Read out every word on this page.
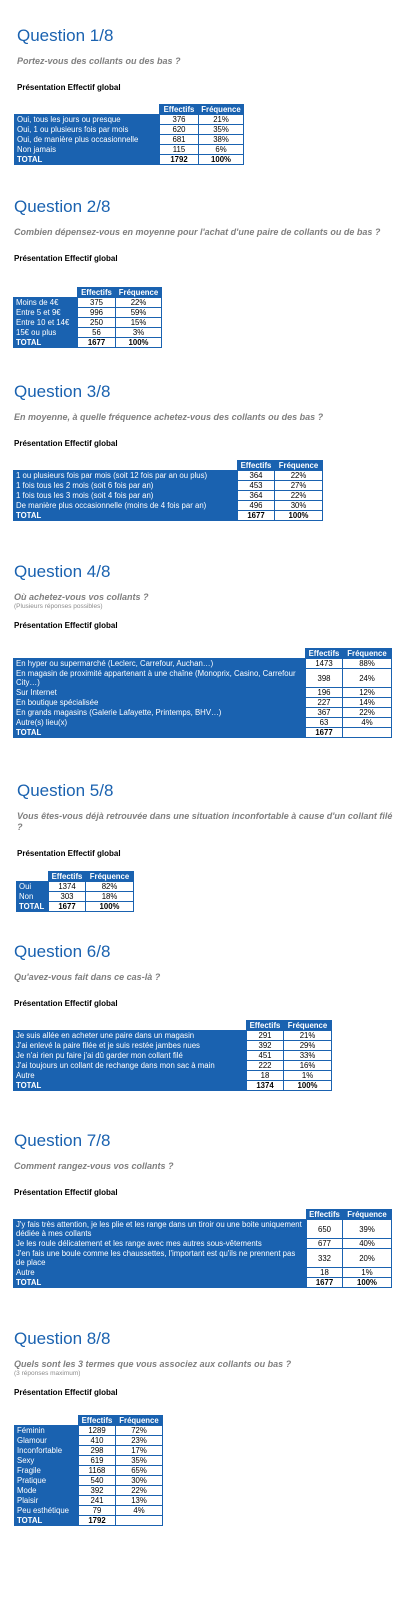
Question 1/8

Portez-vous des collants ou des bas ?

Présentation Effectif global

	Effectifs	Fréquence
Oui, tous les jours ou presque	376	21%
Oui, 1 ou plusieurs fois par mois	620	35%
Oui, de manière plus occasionnelle	681	38%
Non jamais	115	6%
TOTAL	1792	100%
Question 2/8

Combien dépensez-vous en moyenne pour l'achat d'une paire de collants ou de bas ?

Présentation Effectif global

	Effectifs	Fréquence
Moins de 4€	375	22%
Entre 5 et 9€	996	59%
Entre 10 et 14€	250	15%
15€ ou plus	56	3%
TOTAL	1677	100%
Question 3/8

En moyenne, à quelle fréquence achetez-vous des collants ou des bas ?

Présentation Effectif global

	Effectifs	Fréquence
1 ou plusieurs fois par mois (soit 12 fois par an ou plus)	364	22%
1 fois tous les 2 mois (soit 6 fois par an)	453	27%
1 fois tous les 3 mois (soit 4 fois par an)	364	22%
De manière plus occasionnelle (moins de 4 fois par an)	496	30%
TOTAL	1677	100%
Question 4/8

Où achetez-vous vos collants ?

(Plusieurs réponses possibles)

Présentation Effectif global

	Effectifs	Fréquence
En hyper ou supermarché (Leclerc, Carrefour, Auchan…)	1473	88%
En magasin de proximité appartenant à une chaîne (Monoprix, Casino, Carrefour City…)	398	24%
Sur Internet	196	12%
En boutique spécialisée	227	14%
En grands magasins (Galerie Lafayette, Printemps, BHV…)	367	22%
Autre(s) lieu(x)	63	4%
TOTAL	1677	
Question 5/8

Vous êtes-vous déjà retrouvée dans une situation inconfortable à cause d'un collant filé ?

Présentation Effectif global

	Effectifs	Fréquence
Oui	1374	82%
Non	303	18%
TOTAL	1677	100%
Question 6/8

Qu'avez-vous fait dans ce cas-là ?

Présentation Effectif global

	Effectifs	Fréquence
Je suis allée en acheter une paire dans un magasin	291	21%
J'ai enlevé la paire filée et je suis restée jambes nues	392	29%
Je n'ai rien pu faire j'ai dû garder mon collant filé	451	33%
J'ai toujours un collant de rechange dans mon sac à main	222	16%
Autre	18	1%
TOTAL	1374	100%
Question 7/8

Comment rangez-vous vos collants ?

Présentation Effectif global

	Effectifs	Fréquence
J'y fais très attention, je les plie et les range dans un tiroir ou une boite uniquement dédiée à mes collants	650	39%
Je les roule délicatement et les range avec mes autres sous-vêtements	677	40%
J'en fais une boule comme les chaussettes, l'important est qu'ils ne prennent pas de place	332	20%
Autre	18	1%
TOTAL	1677	100%
Question 8/8

Quels sont les 3 termes que vous associez aux collants ou bas ?

(3 réponses maximum)

Présentation Effectif global

	Effectifs	Fréquence
Féminin	1289	72%
Glamour	410	23%
Inconfortable	298	17%
Sexy	619	35%
Fragile	1168	65%
Pratique	540	30%
Mode	392	22%
Plaisir	241	13%
Peu esthétique	79	4%
TOTAL	1792	
